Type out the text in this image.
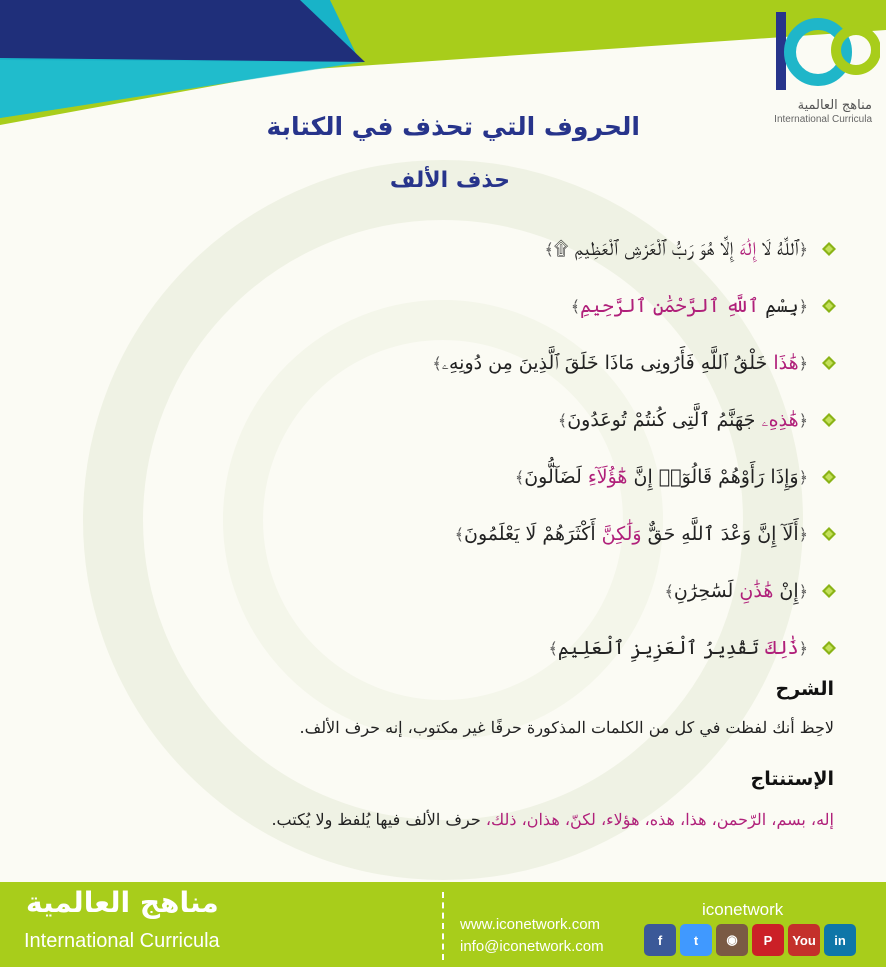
مناهج العالمية
International Curricula
الحروف التي تحذف في الكتابة
حذف الألف
﴿ٱللَّهُ لَا إِلَٰهَ إِلَّا هُوَ رَبُّ ٱلْعَرْشِ ٱلْعَظِيمِ ۩﴾
﴿بِسْمِ ٱللَّهِ ٱلرَّحْمَٰنِ ٱلرَّحِيمِ﴾
﴿هَٰذَا خَلْقُ ٱللَّهِ فَأَرُونِى مَاذَا خَلَقَ ٱلَّذِينَ مِن دُونِهِۦ﴾
﴿هَٰذِهِۦ جَهَنَّمُ ٱلَّتِى كُنتُمْ تُوعَدُونَ﴾
﴿وَإِذَا رَأَوْهُمْ قَالُوٓا۟ إِنَّ هَٰٓؤُلَآءِ لَضَآلُّونَ﴾
﴿أَلَآ إِنَّ وَعْدَ ٱللَّهِ حَقٌّ وَلَٰكِنَّ أَكْثَرَهُمْ لَا يَعْلَمُونَ﴾
﴿إِنْ هَٰذَٰنِ لَسَٰحِرَٰنِ﴾
﴿ذَٰلِكَ تَقْدِيرُ ٱلْعَزِيزِ ٱلْعَلِيمِ﴾
الشرح
لاحِظ أنك لفظت في كل من الكلمات المذكورة حرفًا غير مكتوب، إنه حرف الألف.
الإستنتاج
إله، بسم، الرّحمن، هذا، هذه، هؤلاء، لكنّ، هذان، ذلك، حرف الألف فيها يُلفظ ولا يُكتب.
مناهج العالمية
International Curricula
www.iconetwork.com
info@iconetwork.com
iconetwork
f	t	◉	P	You	in
